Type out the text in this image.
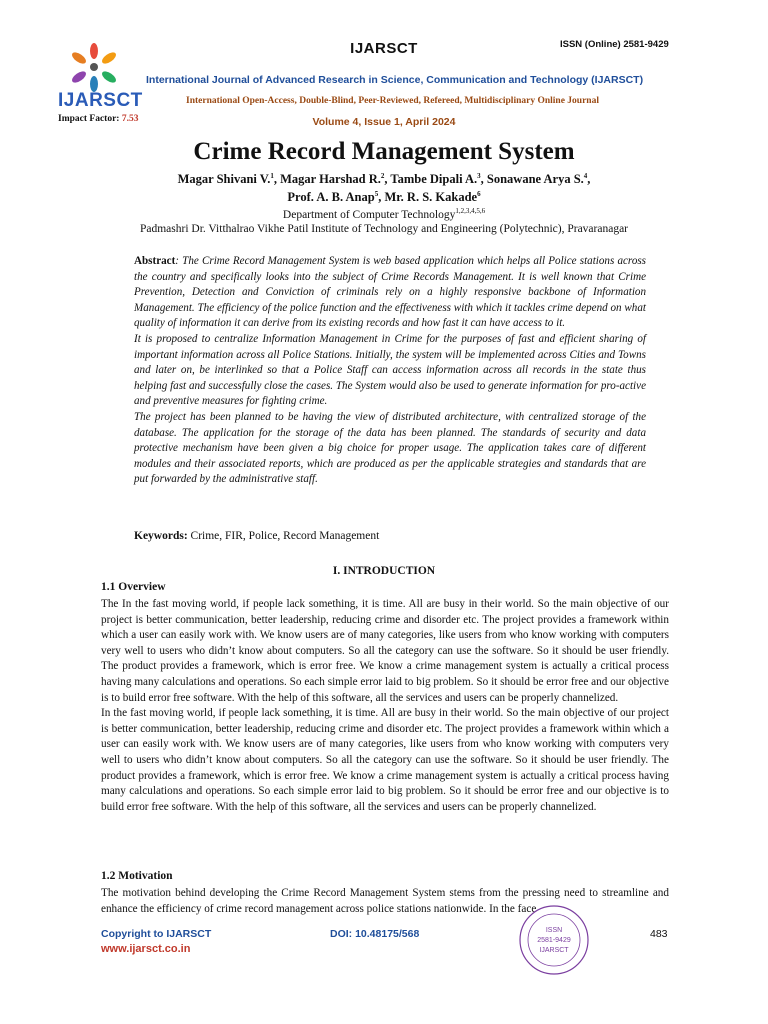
IJARSCT
Impact Factor: 7.53
IJARSCT	ISSN (Online) 2581-9429
International Journal of Advanced Research in Science, Communication and Technology (IJARSCT)
International Open-Access, Double-Blind, Peer-Reviewed, Refereed, Multidisciplinary Online Journal
Volume 4, Issue 1, April 2024
Crime Record Management System
Magar Shivani V.$^1$, Magar Harshad R.$^2$, Tambe Dipali A.$^3$, Sonawane Arya S.$^4$,
Prof. A. B. Anap$^5$, Mr. R. S. Kakade$^6$
Department of Computer Technology$^{1,2,3,4,5,6}$
Padmashri Dr. Vitthalrao Vikhe Patil Institute of Technology and Engineering (Polytechnic), Pravaranagar

Abstract: The Crime Record Management System is web based application which helps all Police stations across the country and specifically looks into the subject of Crime Records Management. It is well known that Crime Prevention, Detection and Conviction of criminals rely on a highly responsive backbone of Information Management. The efficiency of the police function and the effectiveness with which it tackles crime depend on what quality of information it can derive from its existing records and how fast it can have access to it.

It is proposed to centralize Information Management in Crime for the purposes of fast and efficient sharing of important information across all Police Stations. Initially, the system will be implemented across Cities and Towns and later on, be interlinked so that a Police Staff can access information across all records in the state thus helping fast and successfully close the cases. The System would also be used to generate information for pro-active and preventive measures for fighting crime.

The project has been planned to be having the view of distributed architecture, with centralized storage of the database. The application for the storage of the data has been planned. The standards of security and data protective mechanism have been given a big choice for proper usage. The application takes care of different modules and their associated reports, which are produced as per the applicable strategies and standards that are put forwarded by the administrative staff.

Keywords: Crime, FIR, Police, Record Management
I. INTRODUCTION
1.1 Overview

The In the fast moving world, if people lack something, it is time. All are busy in their world. So the main objective of our project is better communication, better leadership, reducing crime and disorder etc. The project provides a framework within which a user can easily work with. We know users are of many categories, like users from who know working with computers very well to users who didn’t know about computers. So all the category can use the software. So it should be user friendly. The product provides a framework, which is error free. We know a crime management system is actually a critical process having many calculations and operations. So each simple error laid to big problem. So it should be error free and our objective is to build error free software. With the help of this software, all the services and users can be properly channelized.

In the fast moving world, if people lack something, it is time. All are busy in their world. So the main objective of our project is better communication, better leadership, reducing crime and disorder etc. The project provides a framework within which a user can easily work with. We know users are of many categories, like users from who know working with computers very well to users who didn’t know about computers. So all the category can use the software. So it should be user friendly. The product provides a framework, which is error free. We know a crime management system is actually a critical process having many calculations and operations. So each simple error laid to big problem. So it should be error free and our objective is to build error free software. With the help of this software, all the services and users can be properly channelized.

1.2 Motivation

The motivation behind developing the Crime Record Management System stems from the pressing need to streamline and enhance the efficiency of crime record management across police stations nationwide. In the face

Copyright to IJARSCT
www.ijarsct.co.in
DOI: 10.48175/568	483
ISSN
2581-9429
IJARSCT
